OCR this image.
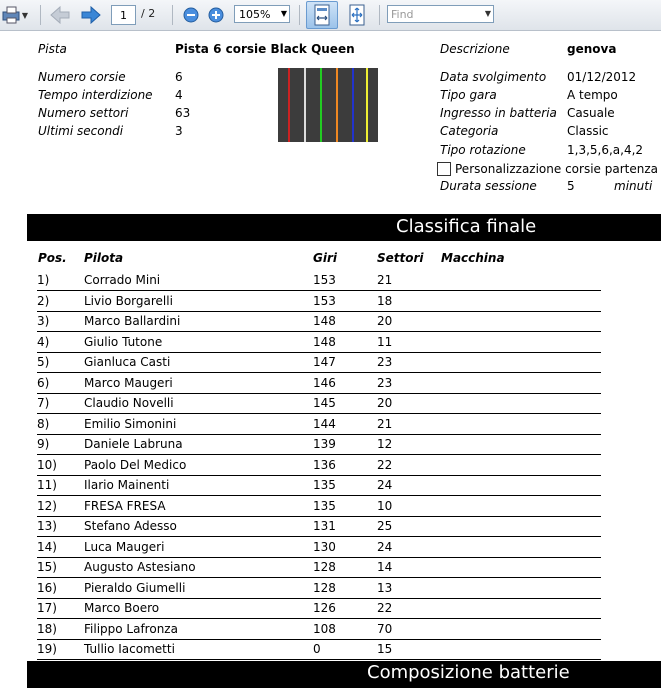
▼	1	/ 2	105% ▼	Find	▼
Pista	Pista 6 corsie Black Queen
Numero corsie	6
Tempo interdizione 4
Numero settori	63
Ultimi secondi	3
Descrizione	genova
Data svolgimento 01/12/2012
Tipo gara	A tempo
Ingresso in batteria Casuale
Categoria	Classic
Tipo rotazione	1,3,5,6,a,4,2
Personalizzazione corsie partenza
Durata sessione	5	minuti
Classifica finale
Pos. Pilota	Giri	Settori Macchina
1)	Corrado Mini	153	21
2)	Livio Borgarelli	153	18
3)	Marco Ballardini	148	20
4)	Giulio Tutone	148	11
5)	Gianluca Casti	147	23
6)	Marco Maugeri	146	23
7)	Claudio Novelli	145	20
8)	Emilio Simonini	144	21
9)	Daniele Labruna	139	12
10) Paolo Del Medico	136	22
11) Ilario Mainenti	135	24
12) FRESA FRESA	135	10
13) Stefano Adesso	131	25
14) Luca Maugeri	130	24
15) Augusto Astesiano	128	14
16) Pieraldo Giumelli	128	13
17) Marco Boero	126	22
18) Filippo Lafronza	108	70
19) Tullio Iacometti	0	15
Composizione batterie
